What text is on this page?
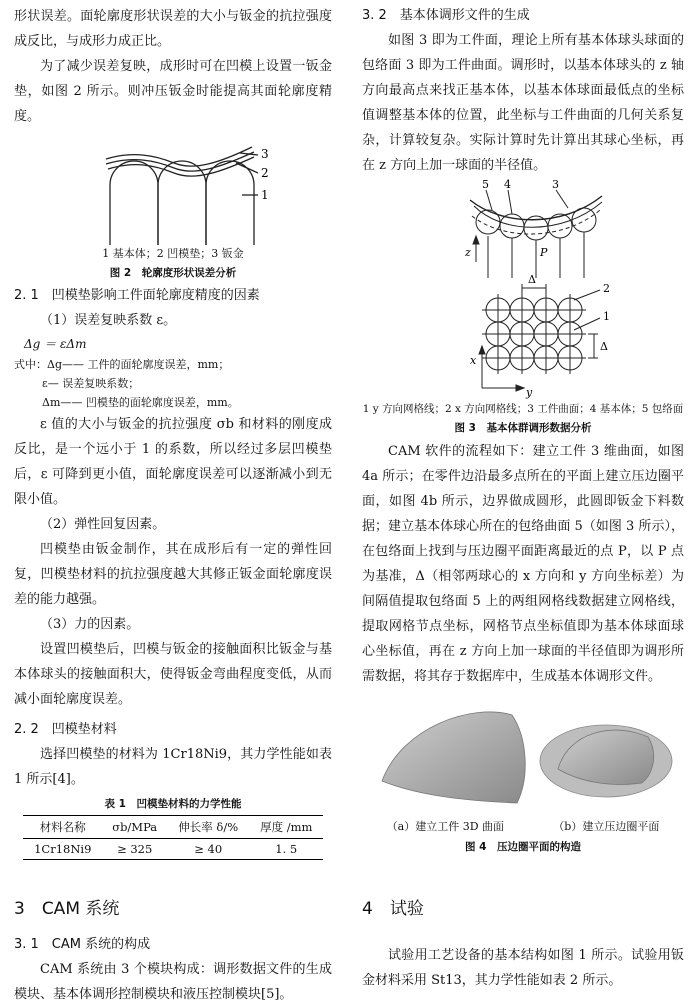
形状误差。面轮廓度形状误差的大小与钣金的抗拉强度成反比，与成形力成正比。

为了减少误差复映，成形时可在凹模上设置一钣金垫，如图 2 所示。则冲压钣金时能提高其面轮廓度精度。

3
2
1
1 基本体；2 凹模垫；3 钣金
图 2　轮廓度形状误差分析
2. 1　凹模垫影响工件面轮廓度精度的因素

（1）误差复映系数 ε。

Δg ＝ εΔm
式中：Δg—— 工件的面轮廓度误差，mm；
ε— 误差复映系数；
Δm—— 凹模垫的面轮廓度误差，mm。

ε 值的大小与钣金的抗拉强度 σb 和材料的刚度成反比，是一个远小于 1 的系数，所以经过多层凹模垫后，ε 可降到更小值，面轮廓度误差可以逐渐减小到无限小值。

（2）弹性回复因素。

凹模垫由钣金制作，其在成形后有一定的弹性回复，凹模垫材料的抗拉强度越大其修正钣金面轮廓度误差的能力越强。

（3）力的因素。

设置凹模垫后，凹模与钣金的接触面积比钣金与基本体球头的接触面积大，使得钣金弯曲程度变低，从而减小面轮廓度误差。

2. 2　凹模垫材料

选择凹模垫的材料为 1Cr18Ni9，其力学性能如表 1 所示[4]。

表 1　凹模垫材料的力学性能
材料名称	σb/MPa	伸长率 δ/%	厚度 /mm
1Cr18Ni9	≥ 325	≥ 40	1. 5
3　CAM 系统
3. 1　CAM 系统的构成

CAM 系统由 3 个模块构成：调形数据文件的生成模块、基本体调形控制模块和液压控制模块[5]。

3. 2　基本体调形文件的生成

如图 3 即为工件面，理论上所有基本体球头球面的包络面 3 即为工件曲面。调形时，以基本体球头的 z 轴方向最高点来找正基本体，以基本体球面最低点的坐标值调整基本体的位置，此坐标与工件曲面的几何关系复杂，计算较复杂。实际计算时先计算出其球心坐标，再在 z 方向上加一球面的半径值。

5 4	3
z	P
Δ
Δ
2
1
x
y
1 y 方向网格线；2 x 方向网格线；3 工件曲面；4 基本体；5 包络面
图 3　基本体群调形数据分析

CAM 软件的流程如下：建立工件 3 维曲面，如图 4a 所示；在零件边沿最多点所在的平面上建立压边圈平面，如图 4b 所示，边界做成圆形，此圆即钣金下料数据；建立基本体球心所在的包络曲面 5（如图 3 所示），在包络面上找到与压边圈平面距离最近的点 P，以 P 点为基准，Δ（相邻两球心的 x 方向和 y 方向坐标差）为间隔值提取包络面 5 上的两组网格线数据建立网格线，提取网格节点坐标，网格节点坐标值即为基本体球面球心坐标值，再在 z 方向上加一球面的半径值即为调形所需数据，将其存于数据库中，生成基本体调形文件。

（a）建立工件 3D 曲面	（b）建立压边圈平面
图 4　压边圈平面的构造
4　试验

试验用工艺设备的基本结构如图 1 所示。试验用钣金材料采用 St13，其力学性能如表 2 所示。
